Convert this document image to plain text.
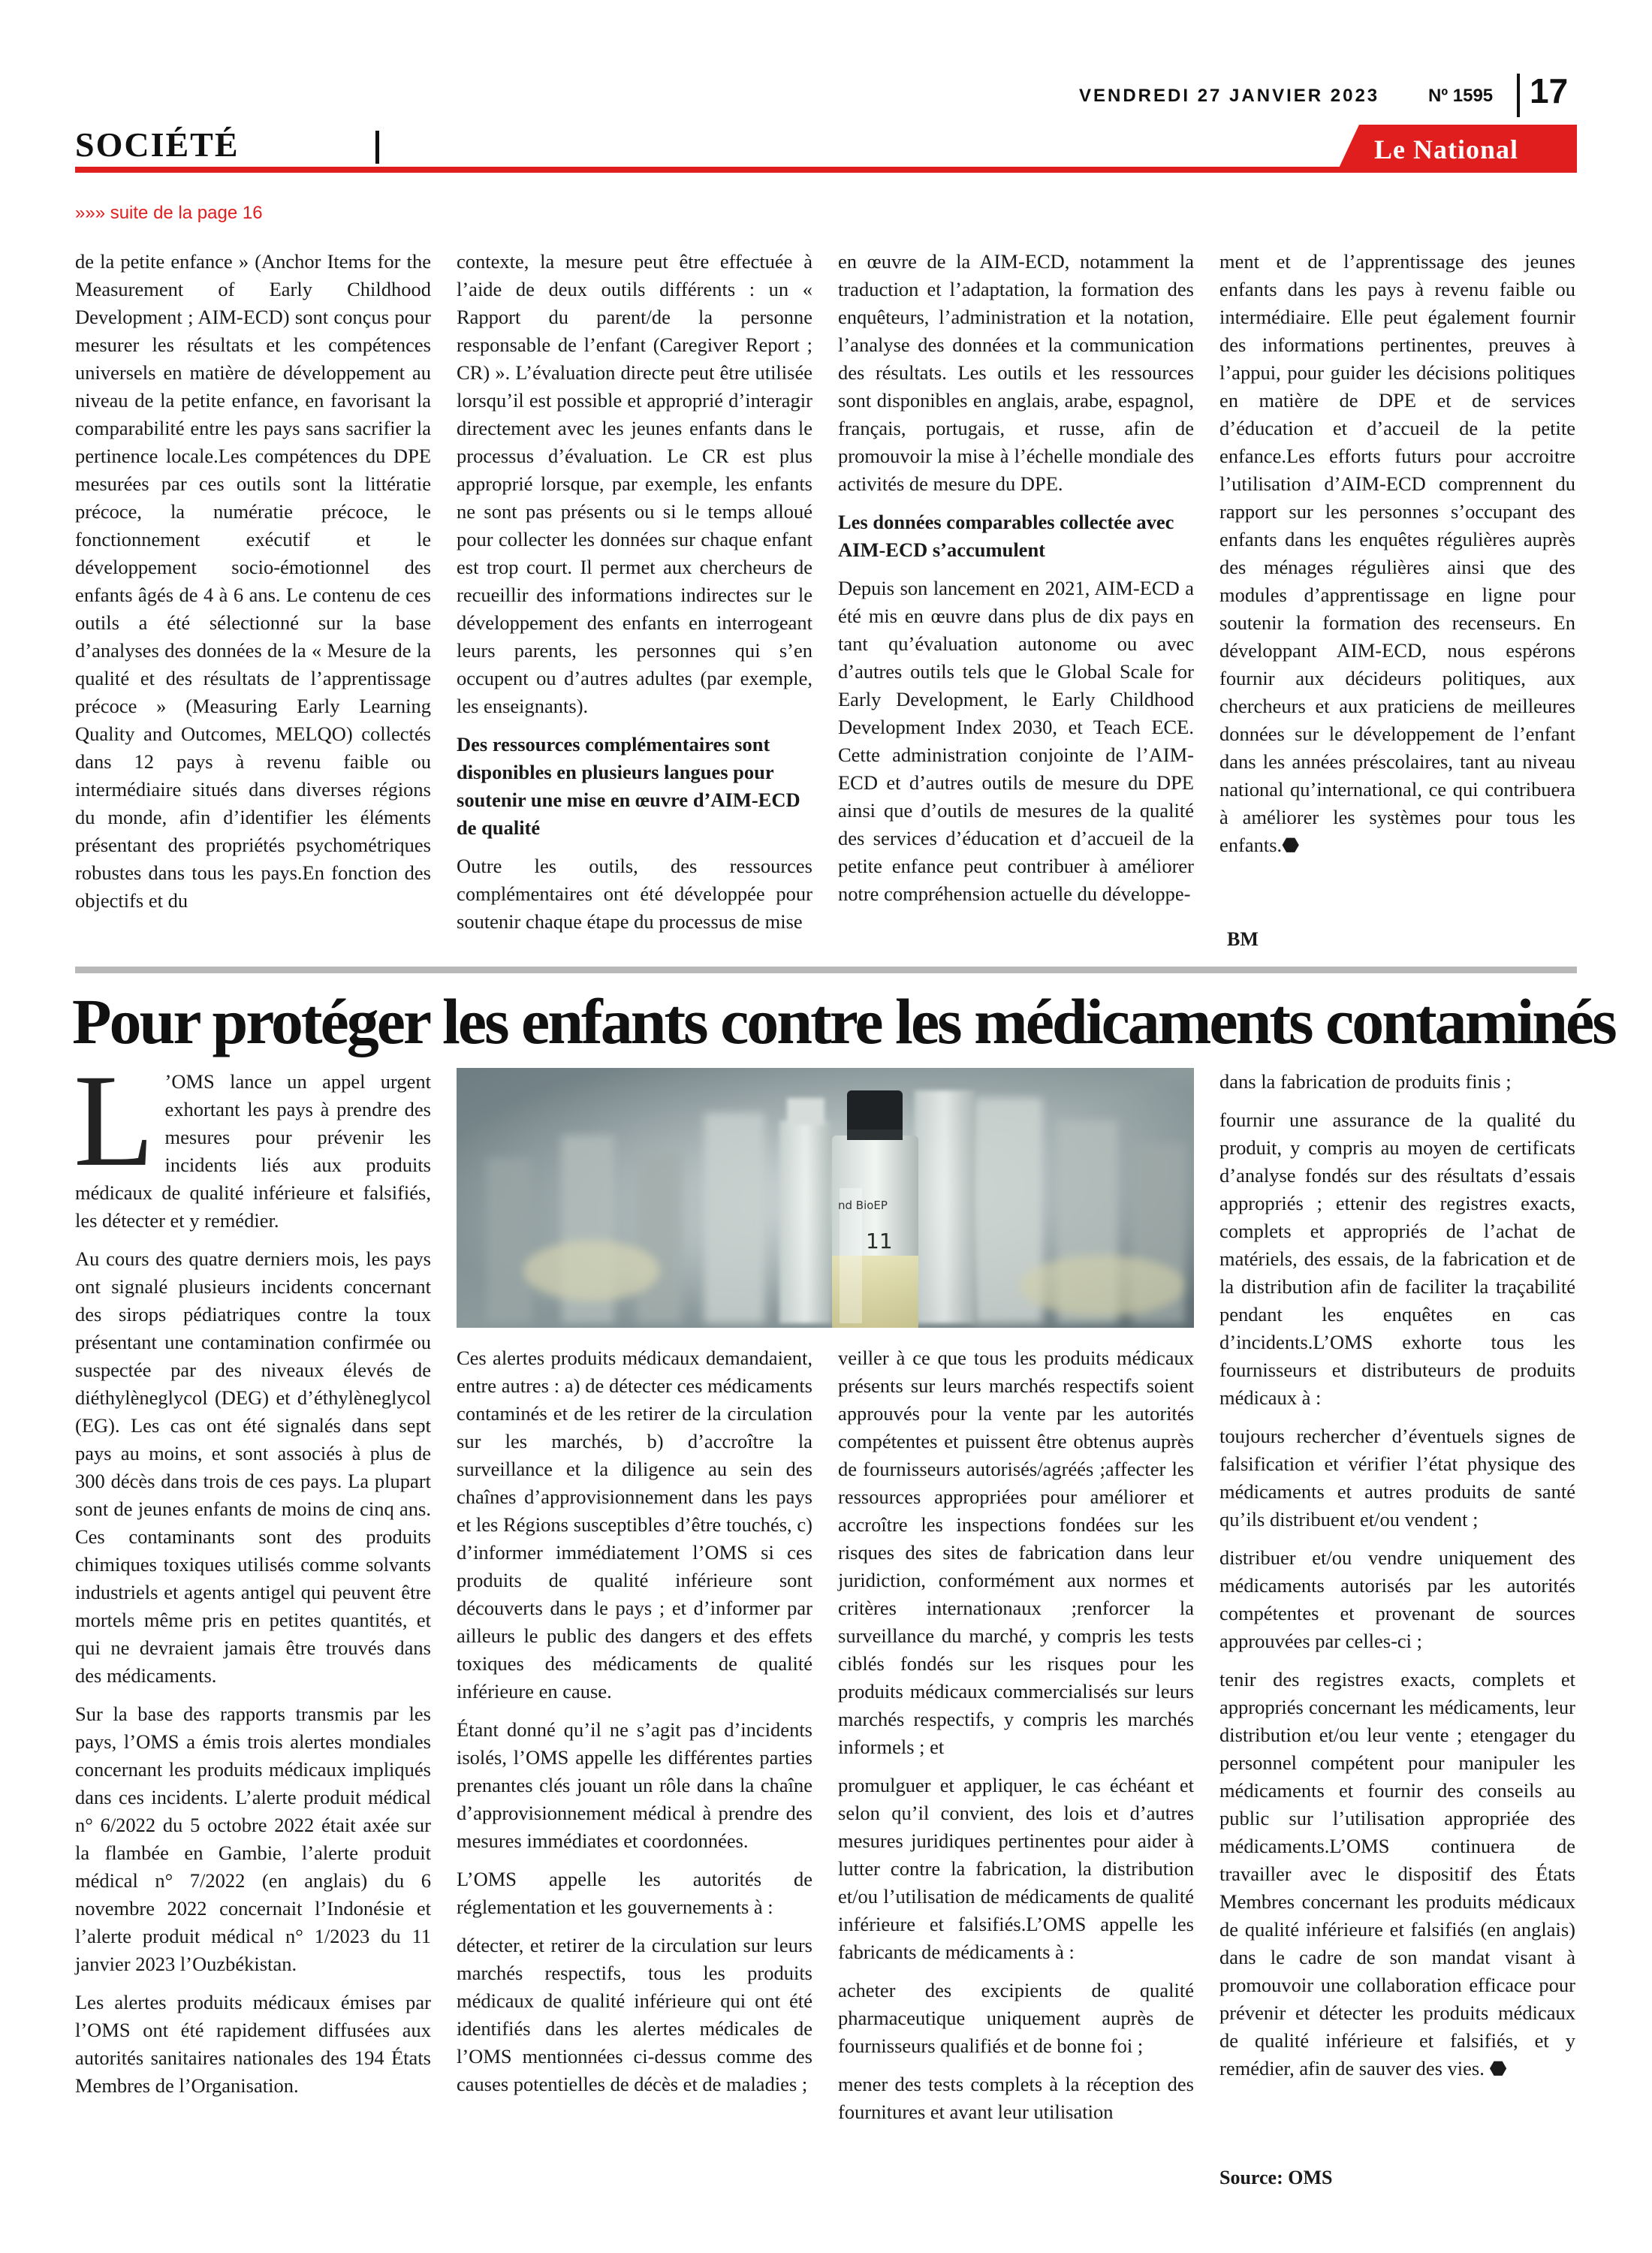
VENDREDI 27 JANVIER 2023	Nº 1595 17
SOCIÉTÉ	Le National
»»» suite de la page 16

de la petite enfance » (Anchor Items for the Measurement of Early Childhood Development ; AIM-ECD) sont conçus pour mesurer les résultats et les compétences universels en matière de développement au niveau de la petite enfance, en favorisant la comparabilité entre les pays sans sacrifier la pertinence locale.Les compétences du DPE mesurées par ces outils sont la littératie précoce, la numératie précoce, le fonctionnement exécutif et le développement socio-émotionnel des enfants âgés de 4 à 6 ans. Le contenu de ces outils a été sélectionné sur la base d’analyses des données de la « Mesure de la qualité et des résultats de l’apprentissage précoce » (Measuring Early Learning Quality and Outcomes, MELQO) collectés dans 12 pays à revenu faible ou intermédiaire situés dans diverses régions du monde, afin d’identifier les éléments présentant des propriétés psychométriques robustes dans tous les pays.En fonction des objectifs et du

contexte, la mesure peut être effectuée à l’aide de deux outils différents : un « Rapport du parent/de la personne responsable de l’enfant (Caregiver Report ; CR) ». L’évaluation directe peut être utilisée lorsqu’il est possible et approprié d’interagir directement avec les jeunes enfants dans le processus d’évaluation. Le CR est plus approprié lorsque, par exemple, les enfants ne sont pas présents ou si le temps alloué pour collecter les données sur chaque enfant est trop court. Il permet aux chercheurs de recueillir des informations indirectes sur le développement des enfants en interrogeant leurs parents, les personnes qui s’en occupent ou d’autres adultes (par exemple, les enseignants).

Des ressources complémentaires sont disponibles en plusieurs langues pour soutenir une mise en œuvre d’AIM-ECD de qualité

Outre les outils, des ressources complémentaires ont été développée pour soutenir chaque étape du processus de mise

en œuvre de la AIM-ECD, notamment la traduction et l’adaptation, la formation des enquêteurs, l’administration et la notation, l’analyse des données et la communication des résultats. Les outils et les ressources sont disponibles en anglais, arabe, espagnol, français, portugais, et russe, afin de promouvoir la mise à l’échelle mondiale des activités de mesure du DPE.

Les données comparables collectée avec AIM-ECD s’accumulent

Depuis son lancement en 2021, AIM-ECD a été mis en œuvre dans plus de dix pays en tant qu’évaluation autonome ou avec d’autres outils tels que le Global Scale for Early Development, le Early Childhood Development Index 2030, et Teach ECE. Cette administration conjointe de l’AIM-ECD et d’autres outils de mesure du DPE ainsi que d’outils de mesures de la qualité des services d’éducation et d’accueil de la petite enfance peut contribuer à améliorer notre compréhension actuelle du développe-

ment et de l’apprentissage des jeunes enfants dans les pays à revenu faible ou intermédiaire. Elle peut également fournir des informations pertinentes, preuves à l’appui, pour guider les décisions politiques en matière de DPE et de services d’éducation et d’accueil de la petite enfance.Les efforts futurs pour accroitre l’utilisation d’AIM-ECD comprennent du rapport sur les personnes s’occupant des enfants dans les enquêtes régulières auprès des ménages régulières ainsi que des modules d’apprentissage en ligne pour soutenir la formation des recenseurs. En développant AIM-ECD, nous espérons fournir aux décideurs politiques, aux chercheurs et aux praticiens de meilleures données sur le développement de l’enfant dans les années préscolaires, tant au niveau national qu’international, ce qui contribuera à améliorer les systèmes pour tous les enfants.⬣

BM
Pour protéger les enfants contre les médicaments contaminés

L ’OMS lance un appel urgent exhortant les pays à prendre des mesures pour prévenir les incidents liés aux produits médicaux de qualité inférieure et falsifiés, les détecter et y remédier.

Au cours des quatre derniers mois, les pays ont signalé plusieurs incidents concernant des sirops pédiatriques contre la toux présentant une contamination confirmée ou suspectée par des niveaux élevés de diéthylèneglycol (DEG) et d’éthylèneglycol (EG). Les cas ont été signalés dans sept pays au moins, et sont associés à plus de 300 décès dans trois de ces pays. La plupart sont de jeunes enfants de moins de cinq ans. Ces contaminants sont des produits chimiques toxiques utilisés comme solvants industriels et agents antigel qui peuvent être mortels même pris en petites quantités, et qui ne devraient jamais être trouvés dans des médicaments.

Sur la base des rapports transmis par les pays, l’OMS a émis trois alertes mondiales concernant les produits médicaux impliqués dans ces incidents. L’alerte produit médical n° 6/2022 du 5 octobre 2022 était axée sur la flambée en Gambie, l’alerte produit médical n° 7/2022 (en anglais) du 6 novembre 2022 concernait l’Indonésie et l’alerte produit médical n° 1/2023 du 11 janvier 2023 l’Ouzbékistan.

Les alertes produits médicaux émises par l’OMS ont été rapidement diffusées aux autorités sanitaires nationales des 194 États Membres de l’Organisation.

nd BioEP
11

Ces alertes produits médicaux demandaient, entre autres : a) de détecter ces médicaments contaminés et de les retirer de la circulation sur les marchés, b) d’accroître la surveillance et la diligence au sein des chaînes d’approvisionnement dans les pays et les Régions susceptibles d’être touchés, c) d’informer immédiatement l’OMS si ces produits de qualité inférieure sont découverts dans le pays ; et d’informer par ailleurs le public des dangers et des effets toxiques des médicaments de qualité inférieure en cause.

Étant donné qu’il ne s’agit pas d’incidents isolés, l’OMS appelle les différentes parties prenantes clés jouant un rôle dans la chaîne d’approvisionnement médical à prendre des mesures immédiates et coordonnées.

L’OMS appelle les autorités de réglementation et les gouvernements à :

détecter, et retirer de la circulation sur leurs marchés respectifs, tous les produits médicaux de qualité inférieure qui ont été identifiés dans les alertes médicales de l’OMS mentionnées ci-dessus comme des causes potentielles de décès et de maladies ;

veiller à ce que tous les produits médicaux présents sur leurs marchés respectifs soient approuvés pour la vente par les autorités compétentes et puissent être obtenus auprès de fournisseurs autorisés/agréés ;affecter les ressources appropriées pour améliorer et accroître les inspections fondées sur les risques des sites de fabrication dans leur juridiction, conformément aux normes et critères internationaux ;renforcer la surveillance du marché, y compris les tests ciblés fondés sur les risques pour les produits médicaux commercialisés sur leurs marchés respectifs, y compris les marchés informels ; et

promulguer et appliquer, le cas échéant et selon qu’il convient, des lois et d’autres mesures juridiques pertinentes pour aider à lutter contre la fabrication, la distribution et/ou l’utilisation de médicaments de qualité inférieure et falsifiés.L’OMS appelle les fabricants de médicaments à :

acheter des excipients de qualité pharmaceutique uniquement auprès de fournisseurs qualifiés et de bonne foi ;

mener des tests complets à la réception des fournitures et avant leur utilisation

dans la fabrication de produits finis ;

fournir une assurance de la qualité du produit, y compris au moyen de certificats d’analyse fondés sur des résultats d’essais appropriés ; ettenir des registres exacts, complets et appropriés de l’achat de matériels, des essais, de la fabrication et de la distribution afin de faciliter la traçabilité pendant les enquêtes en cas d’incidents.L’OMS exhorte tous les fournisseurs et distributeurs de produits médicaux à :

toujours rechercher d’éventuels signes de falsification et vérifier l’état physique des médicaments et autres produits de santé qu’ils distribuent et/ou vendent ;

distribuer et/ou vendre uniquement des médicaments autorisés par les autorités compétentes et provenant de sources approuvées par celles-ci ;

tenir des registres exacts, complets et appropriés concernant les médicaments, leur distribution et/ou leur vente ; etengager du personnel compétent pour manipuler les médicaments et fournir des conseils au public sur l’utilisation appropriée des médicaments.L’OMS continuera de travailler avec le dispositif des États Membres concernant les produits médicaux de qualité inférieure et falsifiés (en anglais) dans le cadre de son mandat visant à promouvoir une collaboration efficace pour prévenir et détecter les produits médicaux de qualité inférieure et falsifiés, et y remédier, afin de sauver des vies. ⬣

Source: OMS
